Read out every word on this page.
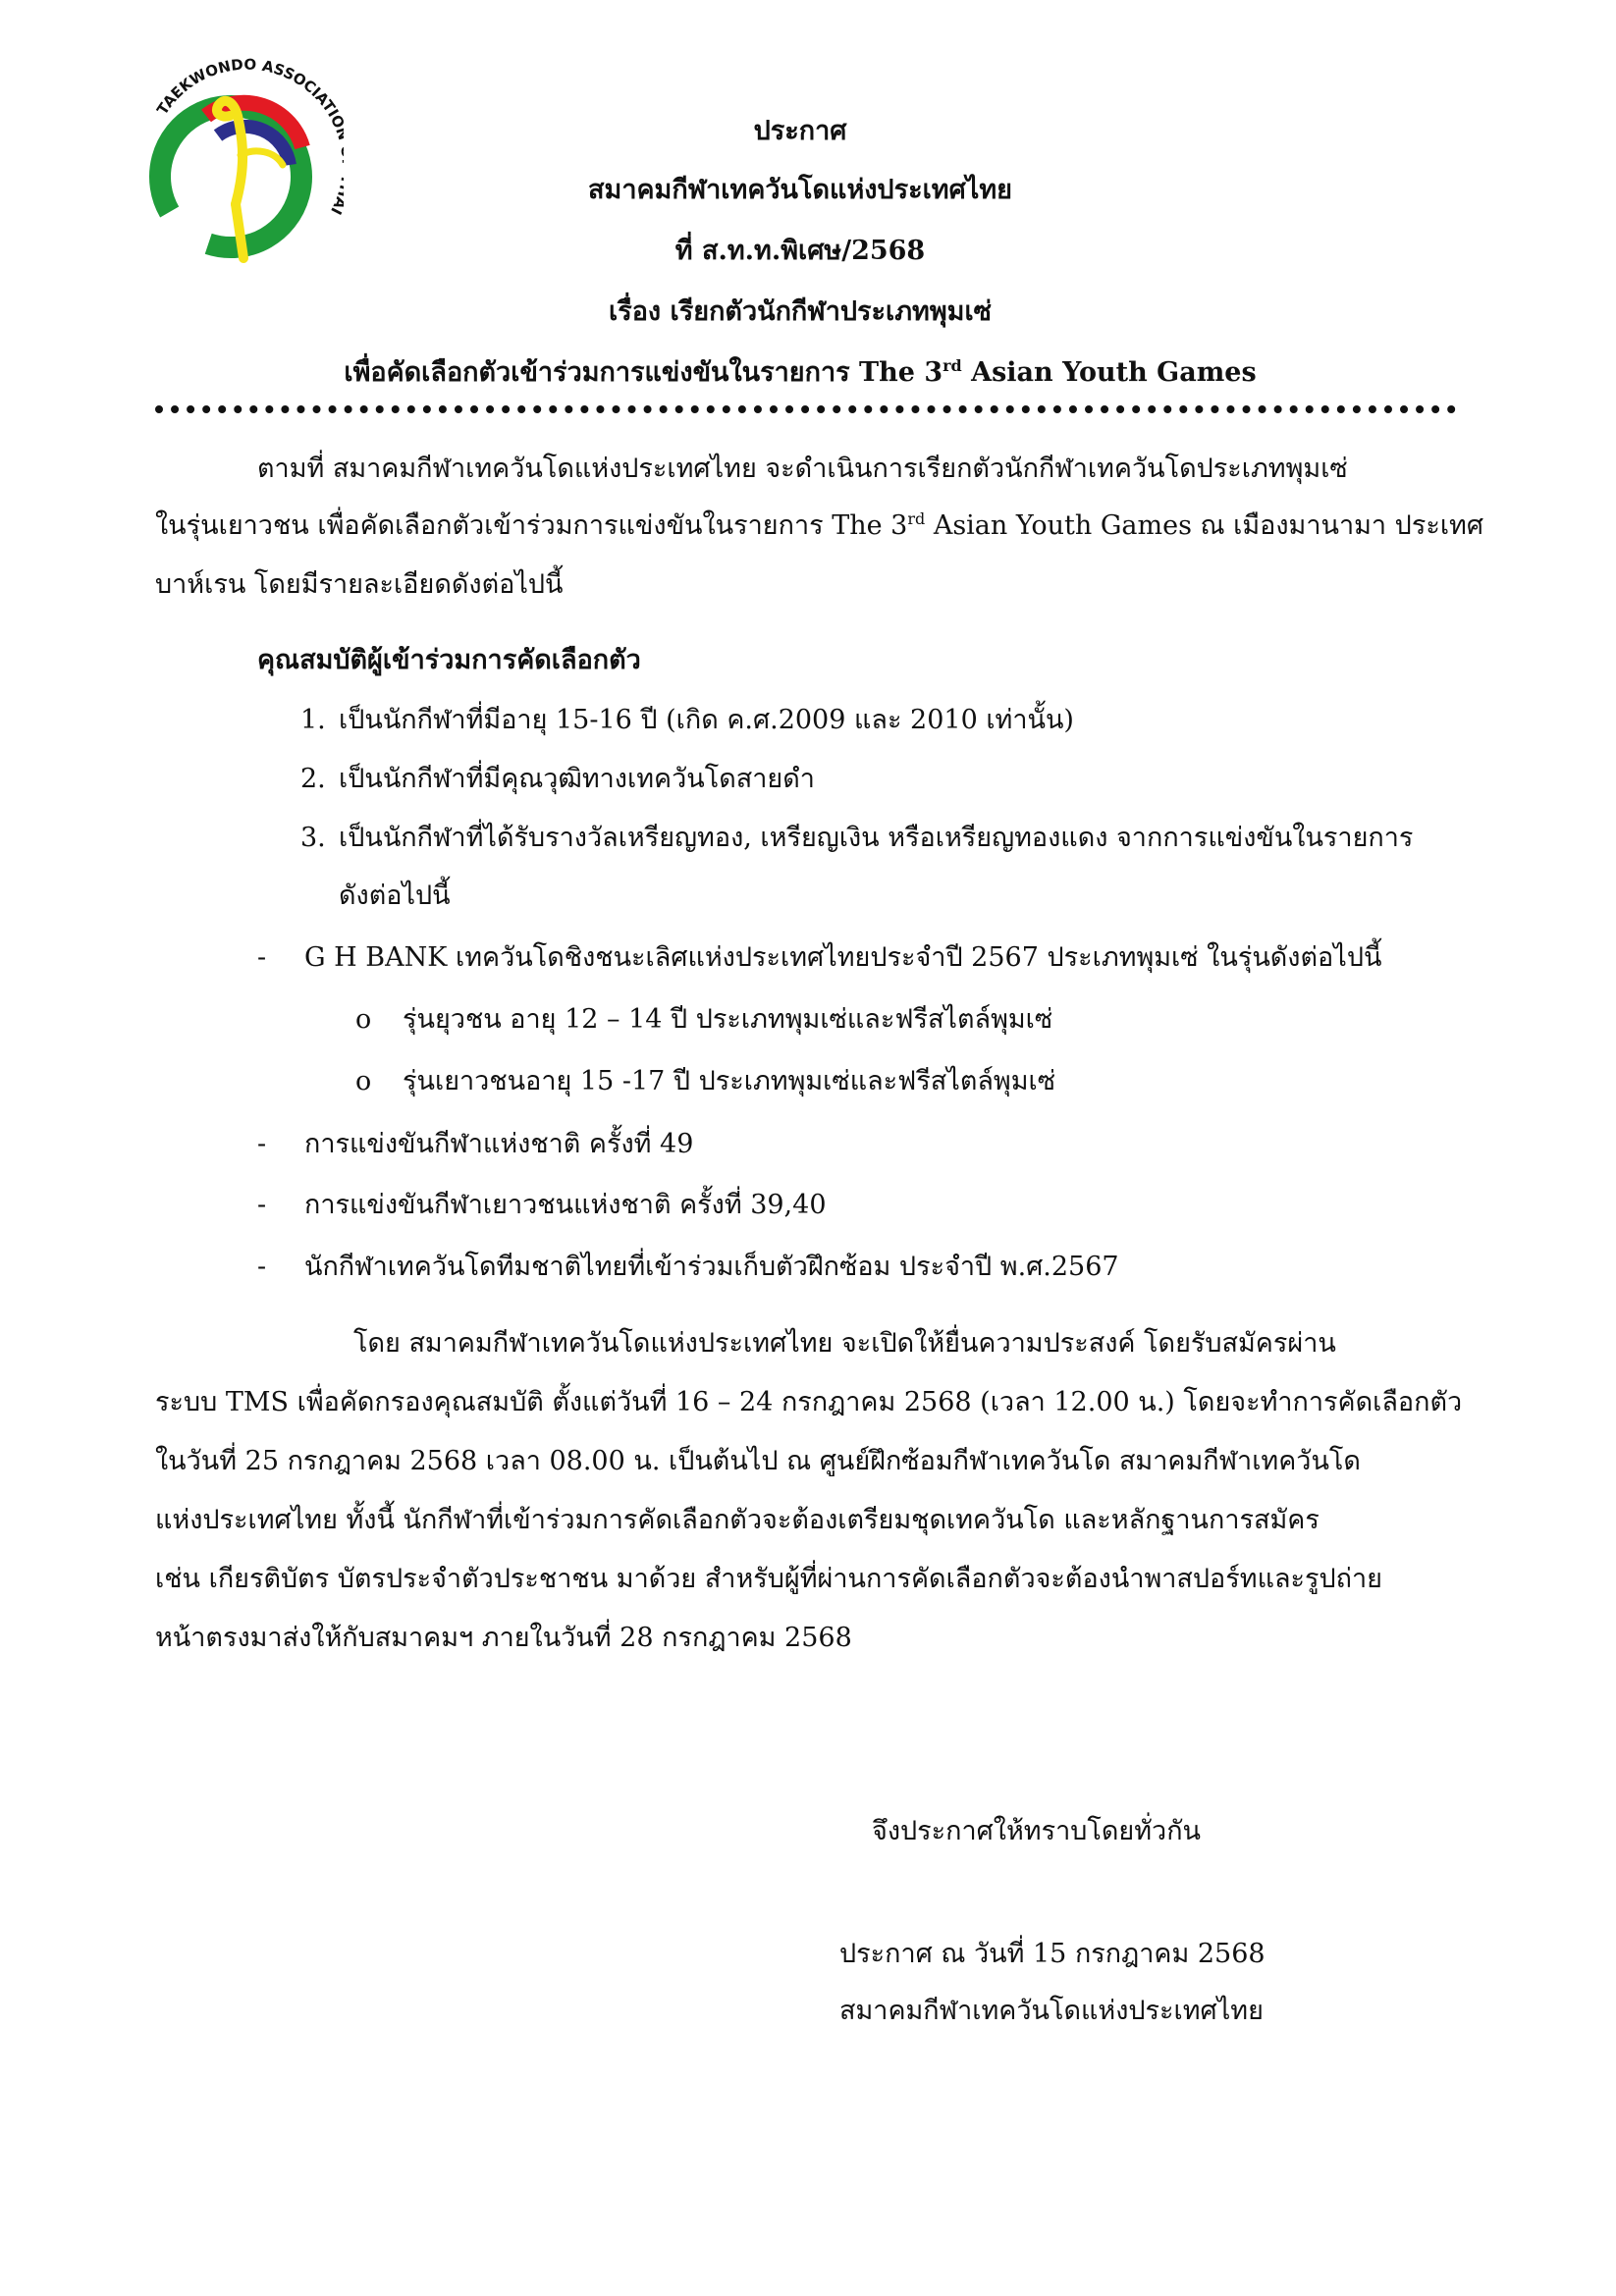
TAEKWONDO ASSOCIATI I
ประกาศ
สมาคมกีฬาเทควันโดแห่งประเทศไทย
ที่ ส.ท.ท.พิเศษ/2568
เรื่อง เรียกตัวนักกีฬาประเภทพุมเซ่
เพื่อคัดเลือกตัวเข้าร่วมการแข่งขันในรายการ The 3rd Asian Youth Games
ตามที่ สมาคมกีฬาเทควันโดแห่งประเทศไทย จะดำเนินการเรียกตัวนักกีฬาเทควันโดประเภทพุมเซ่
ในรุ่นเยาวชน เพื่อคัดเลือกตัวเข้าร่วมการแข่งขันในรายการ The 3rd Asian Youth Games ณ เมืองมานามา ประเทศ
บาห์เรน โดยมีรายละเอียดดังต่อไปนี้
คุณสมบัติผู้เข้าร่วมการคัดเลือกตัว
1. เป็นนักกีฬาที่มีอายุ 15-16 ปี (เกิด ค.ศ.2009 และ 2010 เท่านั้น)
2. เป็นนักกีฬาที่มีคุณวุฒิทางเทควันโดสายดำ
3. เป็นนักกีฬาที่ได้รับรางวัลเหรียญทอง, เหรียญเงิน หรือเหรียญทองแดง จากการแข่งขันในรายการ
ดังต่อไปนี้
- G H BANK เทควันโดชิงชนะเลิศแห่งประเทศไทยประจำปี 2567 ประเภทพุมเซ่ ในรุ่นดังต่อไปนี้
o รุ่นยุวชน อายุ 12 – 14 ปี ประเภทพุมเซ่และฟรีสไตล์พุมเซ่
o รุ่นเยาวชนอายุ 15 -17 ปี ประเภทพุมเซ่และฟรีสไตล์พุมเซ่
- การแข่งขันกีฬาแห่งชาติ ครั้งที่ 49
- การแข่งขันกีฬาเยาวชนแห่งชาติ ครั้งที่ 39,40
- นักกีฬาเทควันโดทีมชาติไทยที่เข้าร่วมเก็บตัวฝึกซ้อม ประจำปี พ.ศ.2567
โดย สมาคมกีฬาเทควันโดแห่งประเทศไทย จะเปิดให้ยื่นความประสงค์ โดยรับสมัครผ่าน
ระบบ TMS เพื่อคัดกรองคุณสมบัติ ตั้งแต่วันที่ 16 – 24 กรกฎาคม 2568 (เวลา 12.00 น.) โดยจะทำการคัดเลือกตัว
ในวันที่ 25 กรกฎาคม 2568 เวลา 08.00 น. เป็นต้นไป ณ ศูนย์ฝึกซ้อมกีฬาเทควันโด สมาคมกีฬาเทควันโด
แห่งประเทศไทย ทั้งนี้ นักกีฬาที่เข้าร่วมการคัดเลือกตัวจะต้องเตรียมชุดเทควันโด และหลักฐานการสมัคร
เช่น เกียรติบัตร บัตรประจำตัวประชาชน มาด้วย สำหรับผู้ที่ผ่านการคัดเลือกตัวจะต้องนำพาสปอร์ทและรูปถ่าย
หน้าตรงมาส่งให้กับสมาคมฯ ภายในวันที่ 28 กรกฎาคม 2568
จึงประกาศให้ทราบโดยทั่วกัน
ประกาศ ณ วันที่ 15 กรกฎาคม 2568
สมาคมกีฬาเทควันโดแห่งประเทศไทย
